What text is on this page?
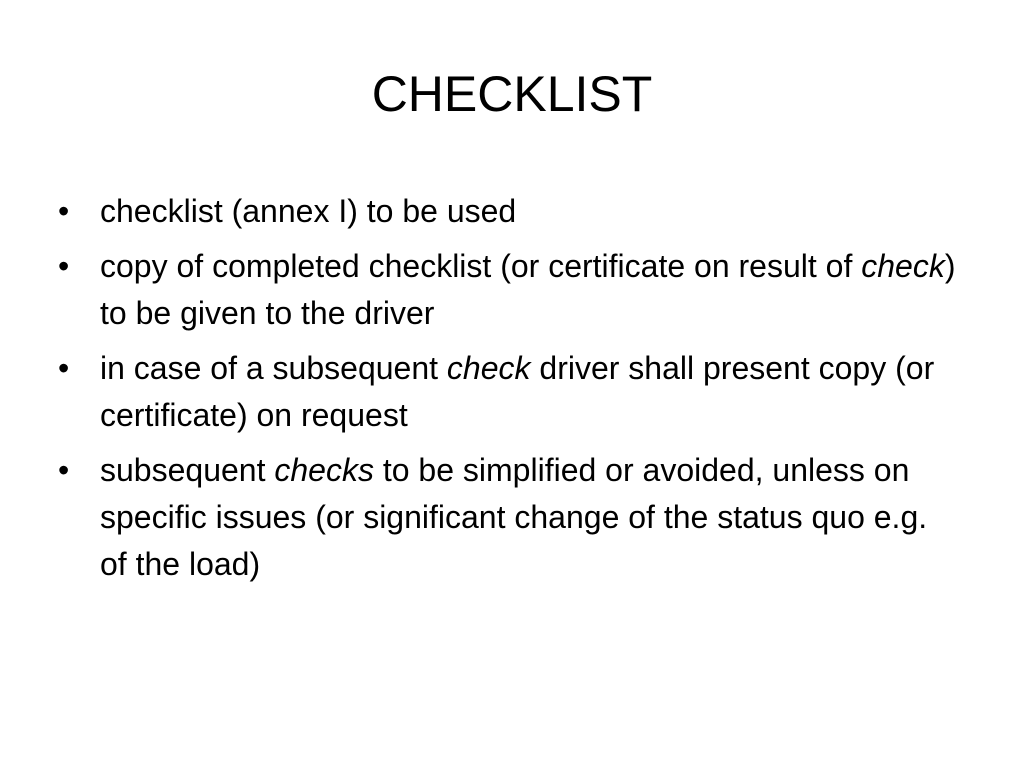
CHECKLIST
• checklist (annex I) to be used
• copy of completed checklist (or certificate on result of check) to be given to the driver
• in case of a subsequent check driver shall present copy (or certificate) on request
• subsequent checks to be simplified or avoided, unless on specific issues (or significant change of the status quo e.g. of the load)
